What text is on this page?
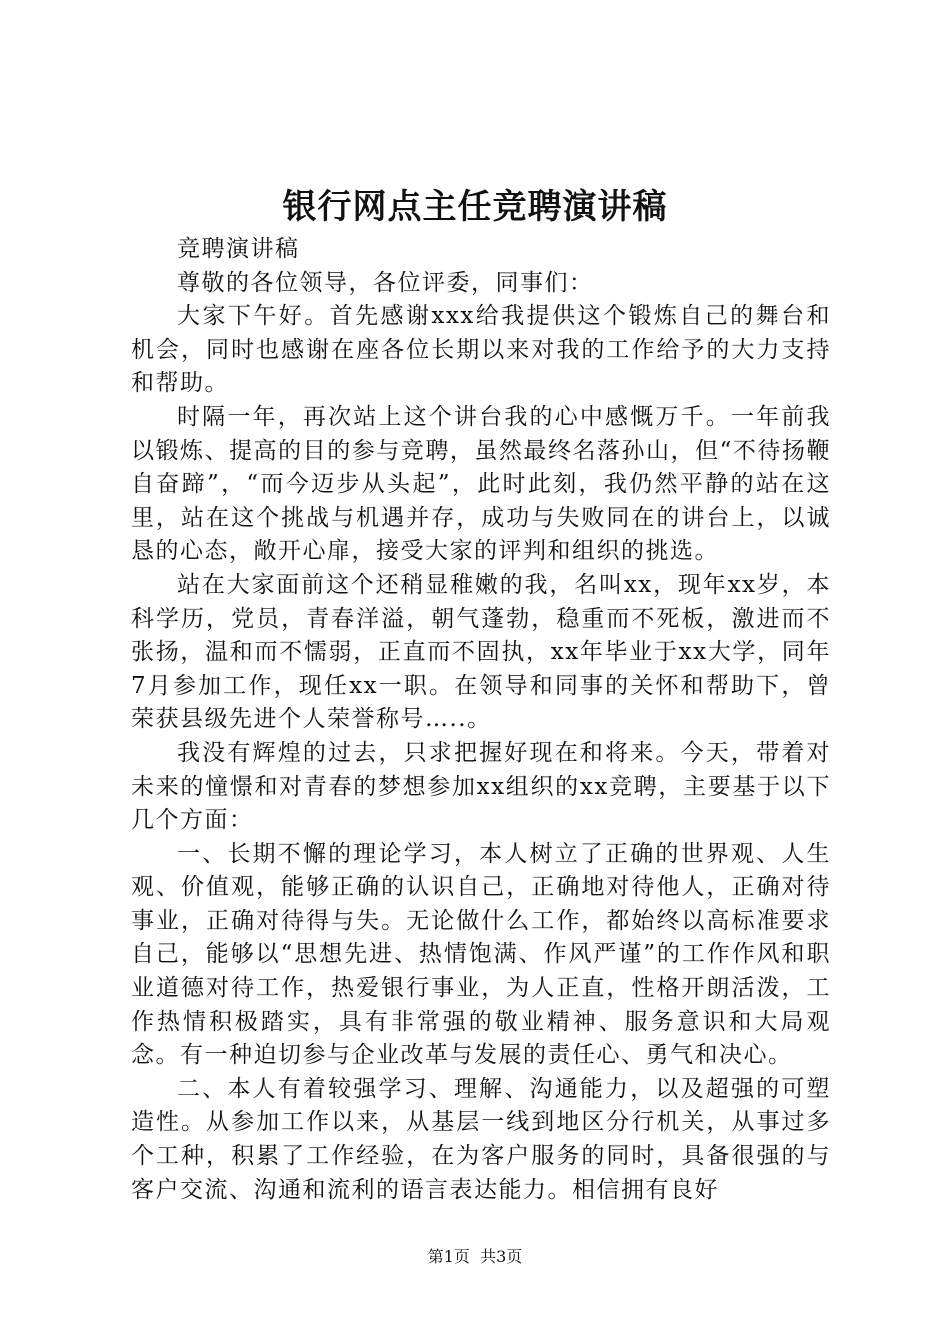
银行网点主任竞聘演讲稿

竞聘演讲稿

尊敬的各位领导，各位评委，同事们：

大家下午好。首先感谢xxx给我提供这个锻炼自己的舞台和机会，同时也感谢在座各位长期以来对我的工作给予的大力支持和帮助。

时隔一年，再次站上这个讲台我的心中感慨万千。一年前我以锻炼、提高的目的参与竞聘，虽然最终名落孙山，但“不待扬鞭自奋蹄”，“而今迈步从头起”，此时此刻，我仍然平静的站在这里，站在这个挑战与机遇并存，成功与失败同在的讲台上，以诚恳的心态，敞开心扉，接受大家的评判和组织的挑选。

站在大家面前这个还稍显稚嫩的我，名叫xx，现年xx岁，本科学历，党员，青春洋溢，朝气蓬勃，稳重而不死板，激进而不张扬，温和而不懦弱，正直而不固执，xx年毕业于xx大学，同年7月参加工作，现任xx一职。在领导和同事的关怀和帮助下，曾荣获县级先进个人荣誉称号…..。

我没有辉煌的过去，只求把握好现在和将来。今天，带着对未来的憧憬和对青春的梦想参加xx组织的xx竞聘，主要基于以下几个方面：

一、长期不懈的理论学习，本人树立了正确的世界观、人生观、价值观，能够正确的认识自己，正确地对待他人，正确对待事业，正确对待得与失。无论做什么工作，都始终以高标准要求自己，能够以“思想先进、热情饱满、作风严谨”的工作作风和职业道德对待工作，热爱银行事业，为人正直，性格开朗活泼，工作热情积极踏实，具有非常强的敬业精神、服务意识和大局观念。有一种迫切参与企业改革与发展的责任心、勇气和决心。

二、本人有着较强学习、理解、沟通能力，以及超强的可塑造性。从参加工作以来，从基层一线到地区分行机关，从事过多个工种，积累了工作经验，在为客户服务的同时，具备很强的与客户交流、沟通和流利的语言表达能力。相信拥有良好

第1页 共3页
